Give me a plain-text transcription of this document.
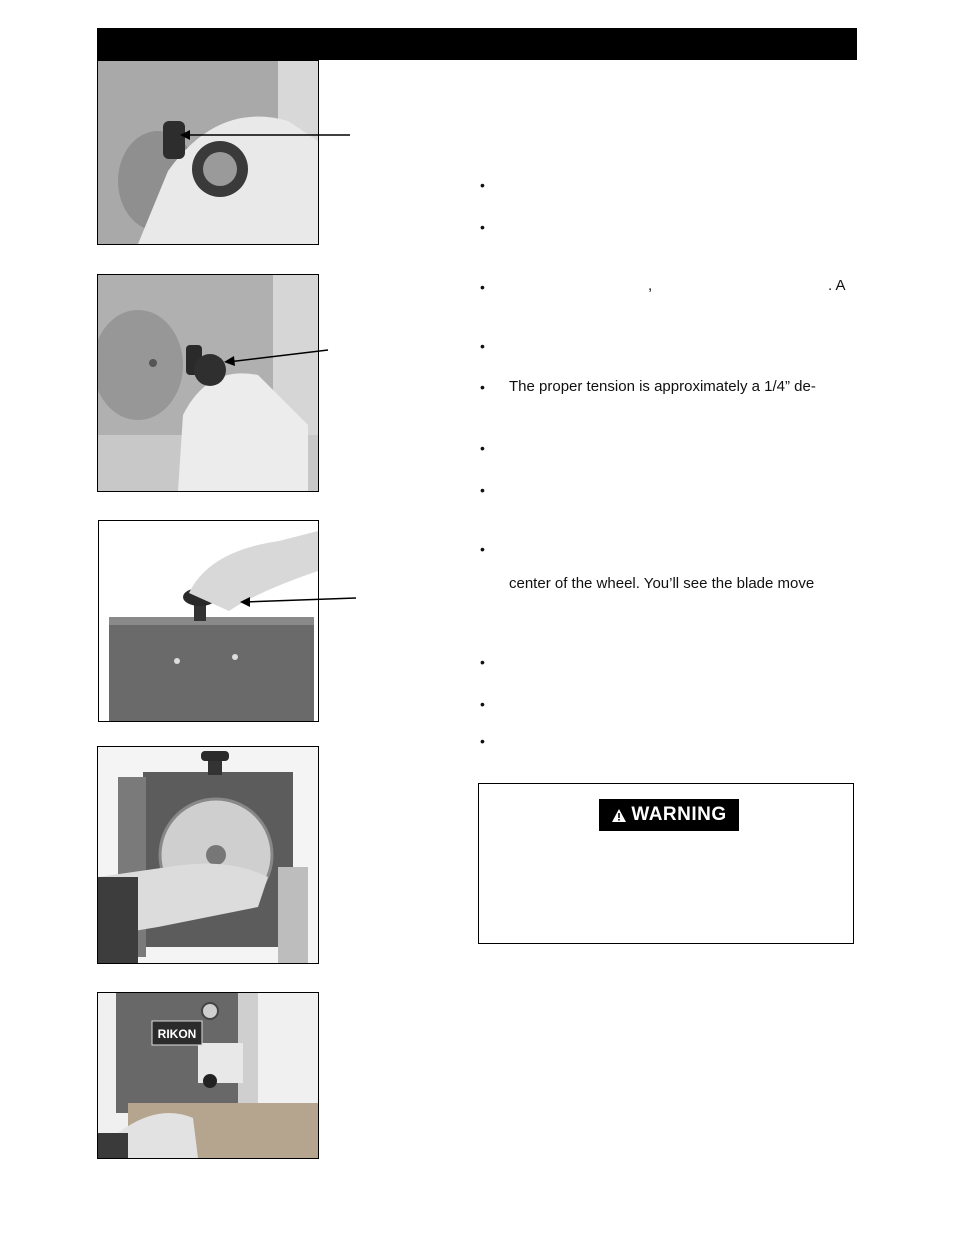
RIKON
•
•
•
•
•
•
•
•
•
•
•
,	. A
The proper tension is approximately a 1/4” de-
center of the wheel. You’ll see the blade move
WARNING
